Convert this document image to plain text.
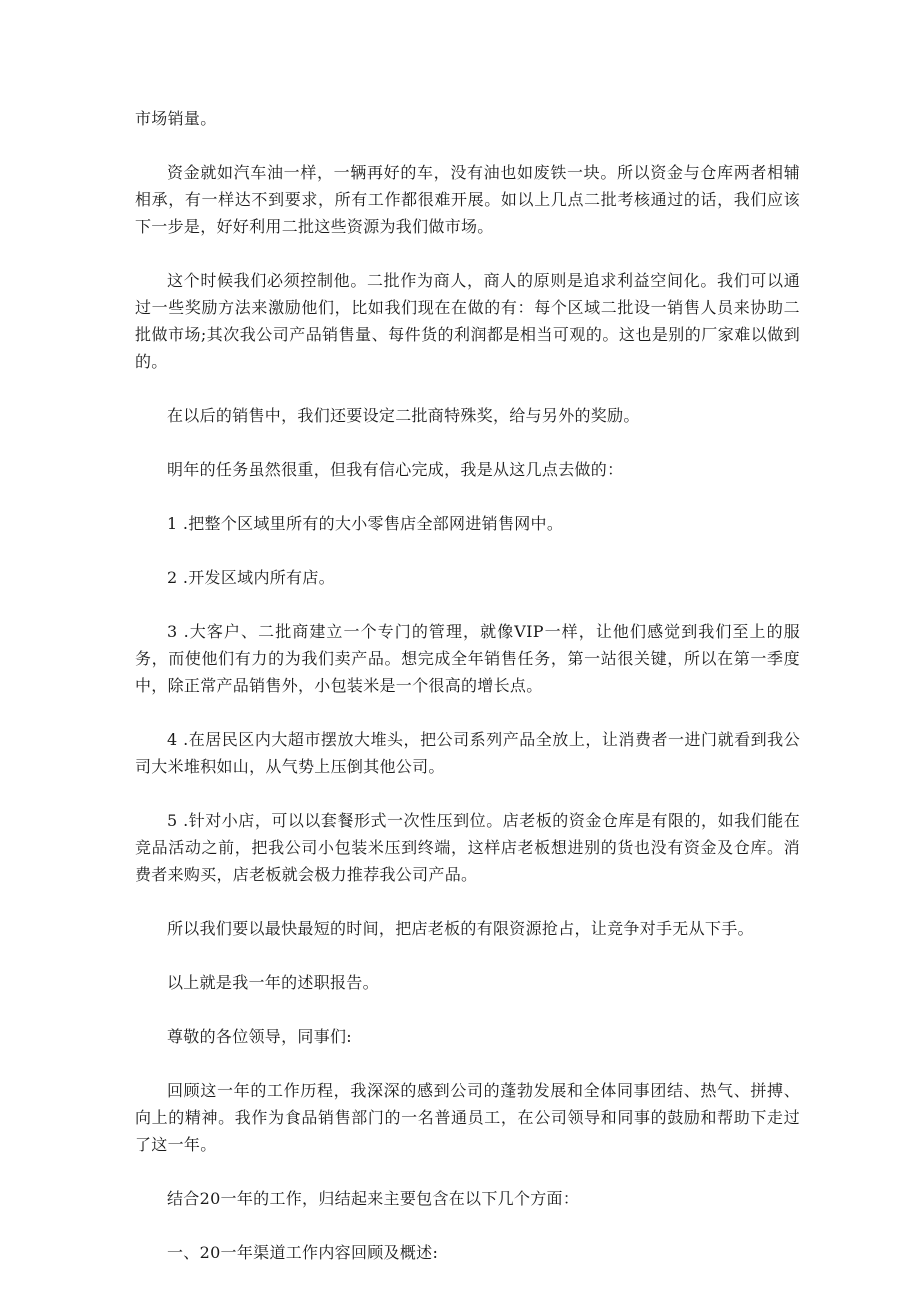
市场销量。

资金就如汽车油一样，一辆再好的车，没有油也如废铁一块。所以资金与仓库两者相辅相承，有一样达不到要求，所有工作都很难开展。如以上几点二批考核通过的话，我们应该下一步是，好好利用二批这些资源为我们做市场。

这个时候我们必须控制他。二批作为商人，商人的原则是追求利益空间化。我们可以通过一些奖励方法来激励他们，比如我们现在在做的有：每个区域二批设一销售人员来协助二批做市场;其次我公司产品销售量、每件货的利润都是相当可观的。这也是别的厂家难以做到的。

在以后的销售中，我们还要设定二批商特殊奖，给与另外的奖励。

明年的任务虽然很重，但我有信心完成，我是从这几点去做的：

1 .把整个区域里所有的大小零售店全部网进销售网中。

2 .开发区域内所有店。

3 .大客户、二批商建立一个专门的管理，就像VIP一样，让他们感觉到我们至上的服务，而使他们有力的为我们卖产品。想完成全年销售任务，第一站很关键，所以在第一季度中，除正常产品销售外，小包装米是一个很高的增长点。

4 .在居民区内大超市摆放大堆头，把公司系列产品全放上，让消费者一进门就看到我公司大米堆积如山，从气势上压倒其他公司。

5 .针对小店，可以以套餐形式一次性压到位。店老板的资金仓库是有限的，如我们能在竞品活动之前，把我公司小包装米压到终端，这样店老板想进别的货也没有资金及仓库。消费者来购买，店老板就会极力推荐我公司产品。

所以我们要以最快最短的时间，把店老板的有限资源抢占，让竞争对手无从下手。

以上就是我一年的述职报告。

尊敬的各位领导，同事们:

回顾这一年的工作历程，我深深的感到公司的蓬勃发展和全体同事团结、热气、拼搏、向上的精神。我作为食品销售部门的一名普通员工，在公司领导和同事的鼓励和帮助下走过了这一年。

结合20一年的工作，归结起来主要包含在以下几个方面：

一、20一年渠道工作内容回顾及概述:
